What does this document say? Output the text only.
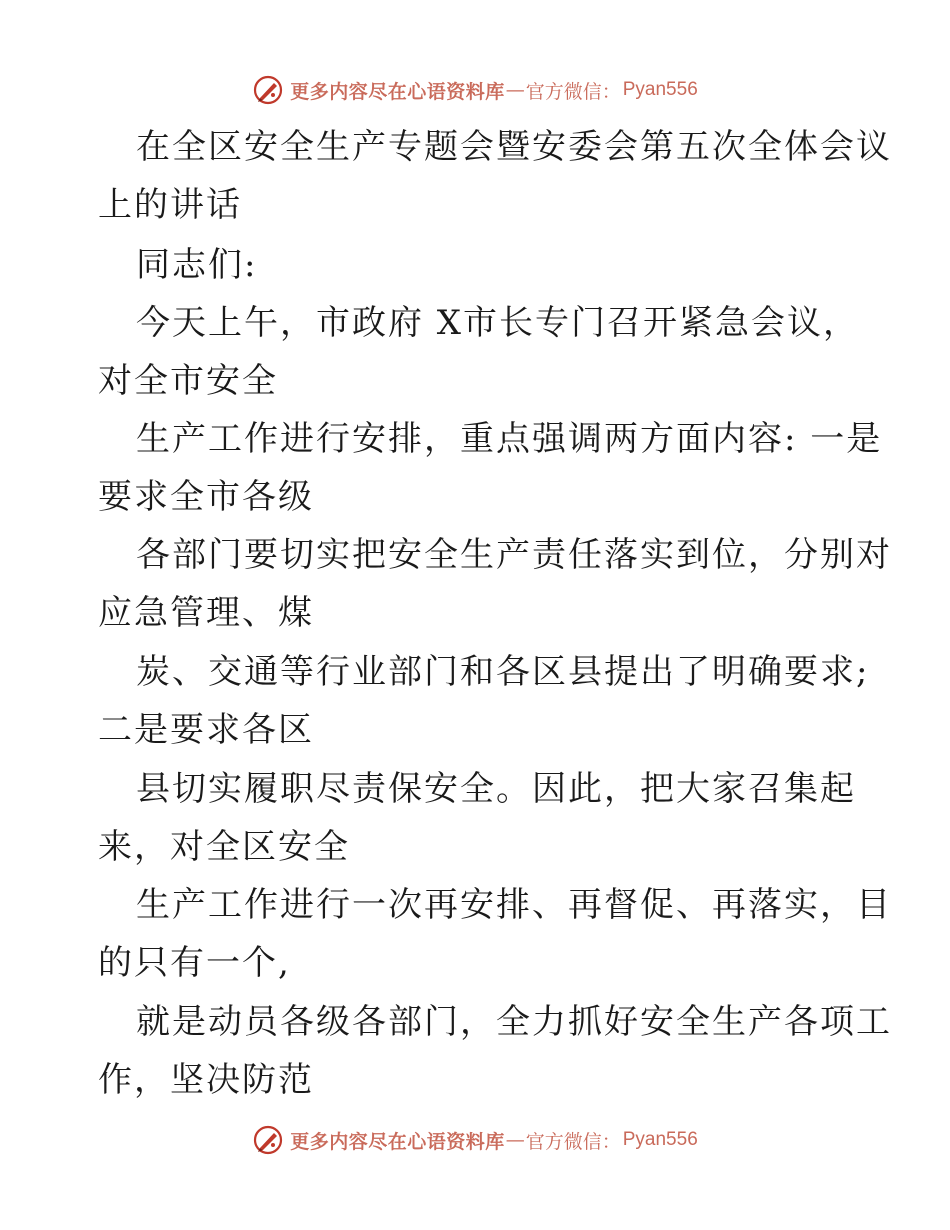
更多内容尽在心语资料库 — 官方微信： Pyan556
在全区安全生产专题会暨安委会第五次全体会议
上的讲话
同志们:
今天上午，市政府 X市长专门召开紧急会议，
对全市安全
生产工作进行安排，重点强调两方面内容: 一是
要求全市各级
各部门要切实把安全生产责任落实到位，分别对
应急管理、煤
炭、交通等行业部门和各区县提出了明确要求;
二是要求各区
县切实履职尽责保安全。因此，把大家召集起
来，对全区安全
生产工作进行一次再安排、再督促、再落实，目
的只有一个,
就是动员各级各部门，全力抓好安全生产各项工
作，坚决防范
更多内容尽在心语资料库 — 官方微信： Pyan556
